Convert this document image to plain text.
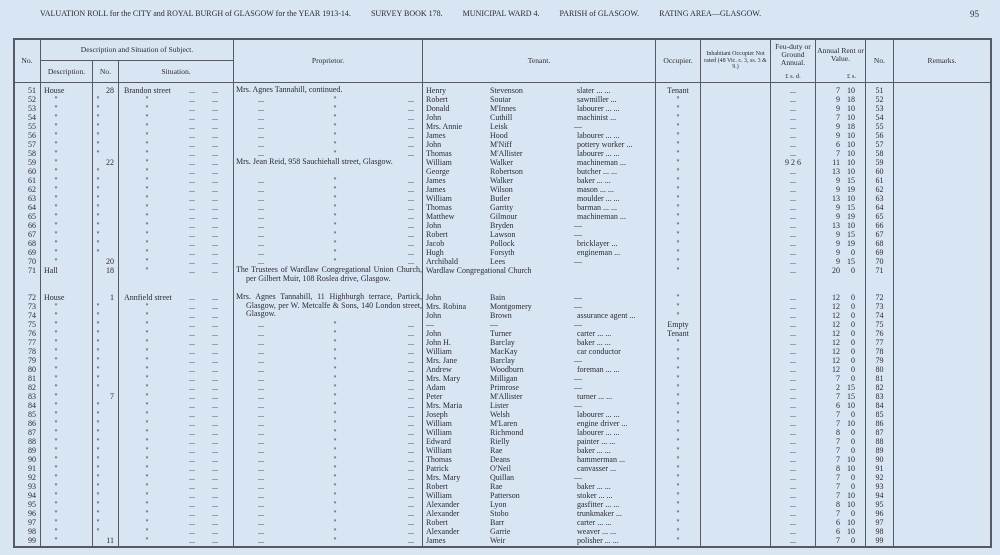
VALUATION ROLL for the CITY and ROYAL BURGH of GLASGOW for the YEAR 1913-14.	SURVEY BOOK 178.	MUNICIPAL WARD 4.	PARISH of GLASGOW.	RATING AREA—GLASGOW.	95
No.
Description and Situation of Subject.
Description.	No.	Situation.
Proprietor.	Tenant.	Occupier.
Inhabitant Occupier Not rated (48 Vic. c. 3, ss. 3 & 9.)
Feu-duty or Ground Annual.
Annual Rent or Value.	No.	Remarks.
£ s. d.	£ s.
51 House	28 Brandon street	... ... Mrs. Agnes Tannahill, continued.	Henry	Stevenson	slater ... ...	Tenant	...	7 10	51
52	"	"	"	... ...	...	"	... Robert	Soutar	sawmiller ...	"	...	9 18	52
53	"	"	"	... ...	...	"	... Donald	M'Innes	labourer ... ...	"	...	9 10	53
54	"	"	"	... ...	...	"	... John	Cuthill	machinist ...	"	...	7 10	54
55	"	"	"	... ...	...	"	... Mrs. Annie	Leisk	—	"	...	9 18	55
56	"	"	"	... ...	...	"	... James	Hood	labourer ... ...	"	...	9 10	56
57	"	"	"	... ...	...	"	... John	M'Niff	pottery worker ...	"	...	6 10	57
58	"	"	"	... ...	...	"	... Thomas	M'Allister	labourer ... ...	"	...	7 10	58
59	"	22	"	... ... Mrs. Jean Reid, 958 Sauchiehall street, Glasgow.	William	Walker	machineman ...	"	9 2 6	11 10	59
60	"	"	"	... ...	George	Robertson	butcher ... ...	"	...	13 10	60
61	"	"	"	... ...	...	"	... James	Walker	baker ... ...	"	...	9 15	61
62	"	"	"	... ...	...	"	... James	Wilson	mason ... ...	"	...	9 19	62
63	"	"	"	... ...	...	"	... William	Butler	moulder ... ...	"	...	13 10	63
64	"	"	"	... ...	...	"	... Thomas	Garrity	barman ... ...	"	...	9 15	64
65	"	"	"	... ...	...	"	... Matthew	Gilmour	machineman ...	"	...	9 19	65
66	"	"	"	... ...	...	"	... John	Bryden	—	"	...	13 10	66
67	"	"	"	... ...	...	"	... Robert	Lawson	—	"	...	9 15	67
68	"	"	"	... ...	...	"	... Jacob	Pollock	bricklayer ...	"	...	9 19	68
69	"	"	"	... ...	...	"	... Hugh	Forsyth	engineman ...	"	...	9	0	69
70	"	20	"	... ...	...	"	... Archibald	Lees	—	"	...	9 15	70
71 Hall	18	"	... ... The Trustees of Wardlaw Congregational Union Church, per Gilbert Muir, 108 Roslea drive, Glasgow.
Wardlaw Congregational Church	"	...	20	0	71
72 House	1 Annfield street	... ... Mrs. Agnes Tannahill, 11 Highburgh terrace, Partick, Glasgow, per W. Metcalfe & Sons, 140 London street, Glasgow.
John	Bain	—	"	...	12	0	72
73	"	"	"	... ...	Mrs. Robina	Montgomery	—	"	...	12	0	73
74	"	"	"	... ...	John	Brown	assurance agent ...	"	...	12	0	74
75	"	"	"	... ...	...	"	... —	—	—	Empty	...	12	0	75
76	"	"	"	... ...	...	"	... John	Turner	carter ... ...	Tenant	...	12	0	76
77	"	"	"	... ...	...	"	... John H.	Barclay	baker ... ...	"	...	12	0	77
78	"	"	"	... ...	...	"	... William	MacKay	car conductor	"	...	12	0	78
79	"	"	"	... ...	...	"	... Mrs. Jane	Barclay	—	"	...	12	0	79
80	"	"	"	... ...	...	"	... Andrew	Woodburn	foreman ... ...	"	...	12	0	80
81	"	"	"	... ...	...	"	... Mrs. Mary	Milligan	—	"	...	7	0	81
82	"	"	"	... ...	...	"	... Adam	Primrose	—	"	...	2 15	82
83	"	7	"	... ...	...	"	... Peter	M'Allister	turner ... ...	"	...	7 15	83
84	"	"	"	... ...	...	"	... Mrs. Maria	Lister	—	"	...	6 10	84
85	"	"	"	... ...	...	"	... Joseph	Welsh	labourer ... ...	"	...	7	0	85
86	"	"	"	... ...	...	"	... William	M'Laren	engine driver ...	"	...	7 10	86
87	"	"	"	... ...	...	"	... William	Richmond	labourer ... ...	"	...	8	0	87
88	"	"	"	... ...	...	"	... Edward	Rielly	painter ... ...	"	...	7	0	88
89	"	"	"	... ...	...	"	... William	Rae	baker ... ...	"	...	7	0	89
90	"	"	"	... ...	...	"	... Thomas	Deans	hammerman ...	"	...	7 10	90
91	"	"	"	... ...	...	"	... Patrick	O'Neil	canvasser ...	"	...	8 10	91
92	"	"	"	... ...	...	"	... Mrs. Mary	Quillan	—	"	...	7	0	92
93	"	"	"	... ...	...	"	... Robert	Rae	baker ... ...	"	...	7	0	93
94	"	"	"	... ...	...	"	... William	Patterson	stoker ... ...	"	...	7 10	94
95	"	"	"	... ...	...	"	... Alexander	Lyon	gasfitter ... ...	"	...	8 10	95
96	"	"	"	... ...	...	"	... Alexander	Stobo	trunkmaker ...	"	...	7	0	96
97	"	"	"	... ...	...	"	... Robert	Barr	carter ... ...	"	...	6 10	97
98	"	"	"	... ...	...	"	... Alexander	Garrie	weaver ... ...	"	...	6 10	98
99	"	11	"	... ...	...	"	... James	Weir	polisher ... ...	"	...	7	0	99
